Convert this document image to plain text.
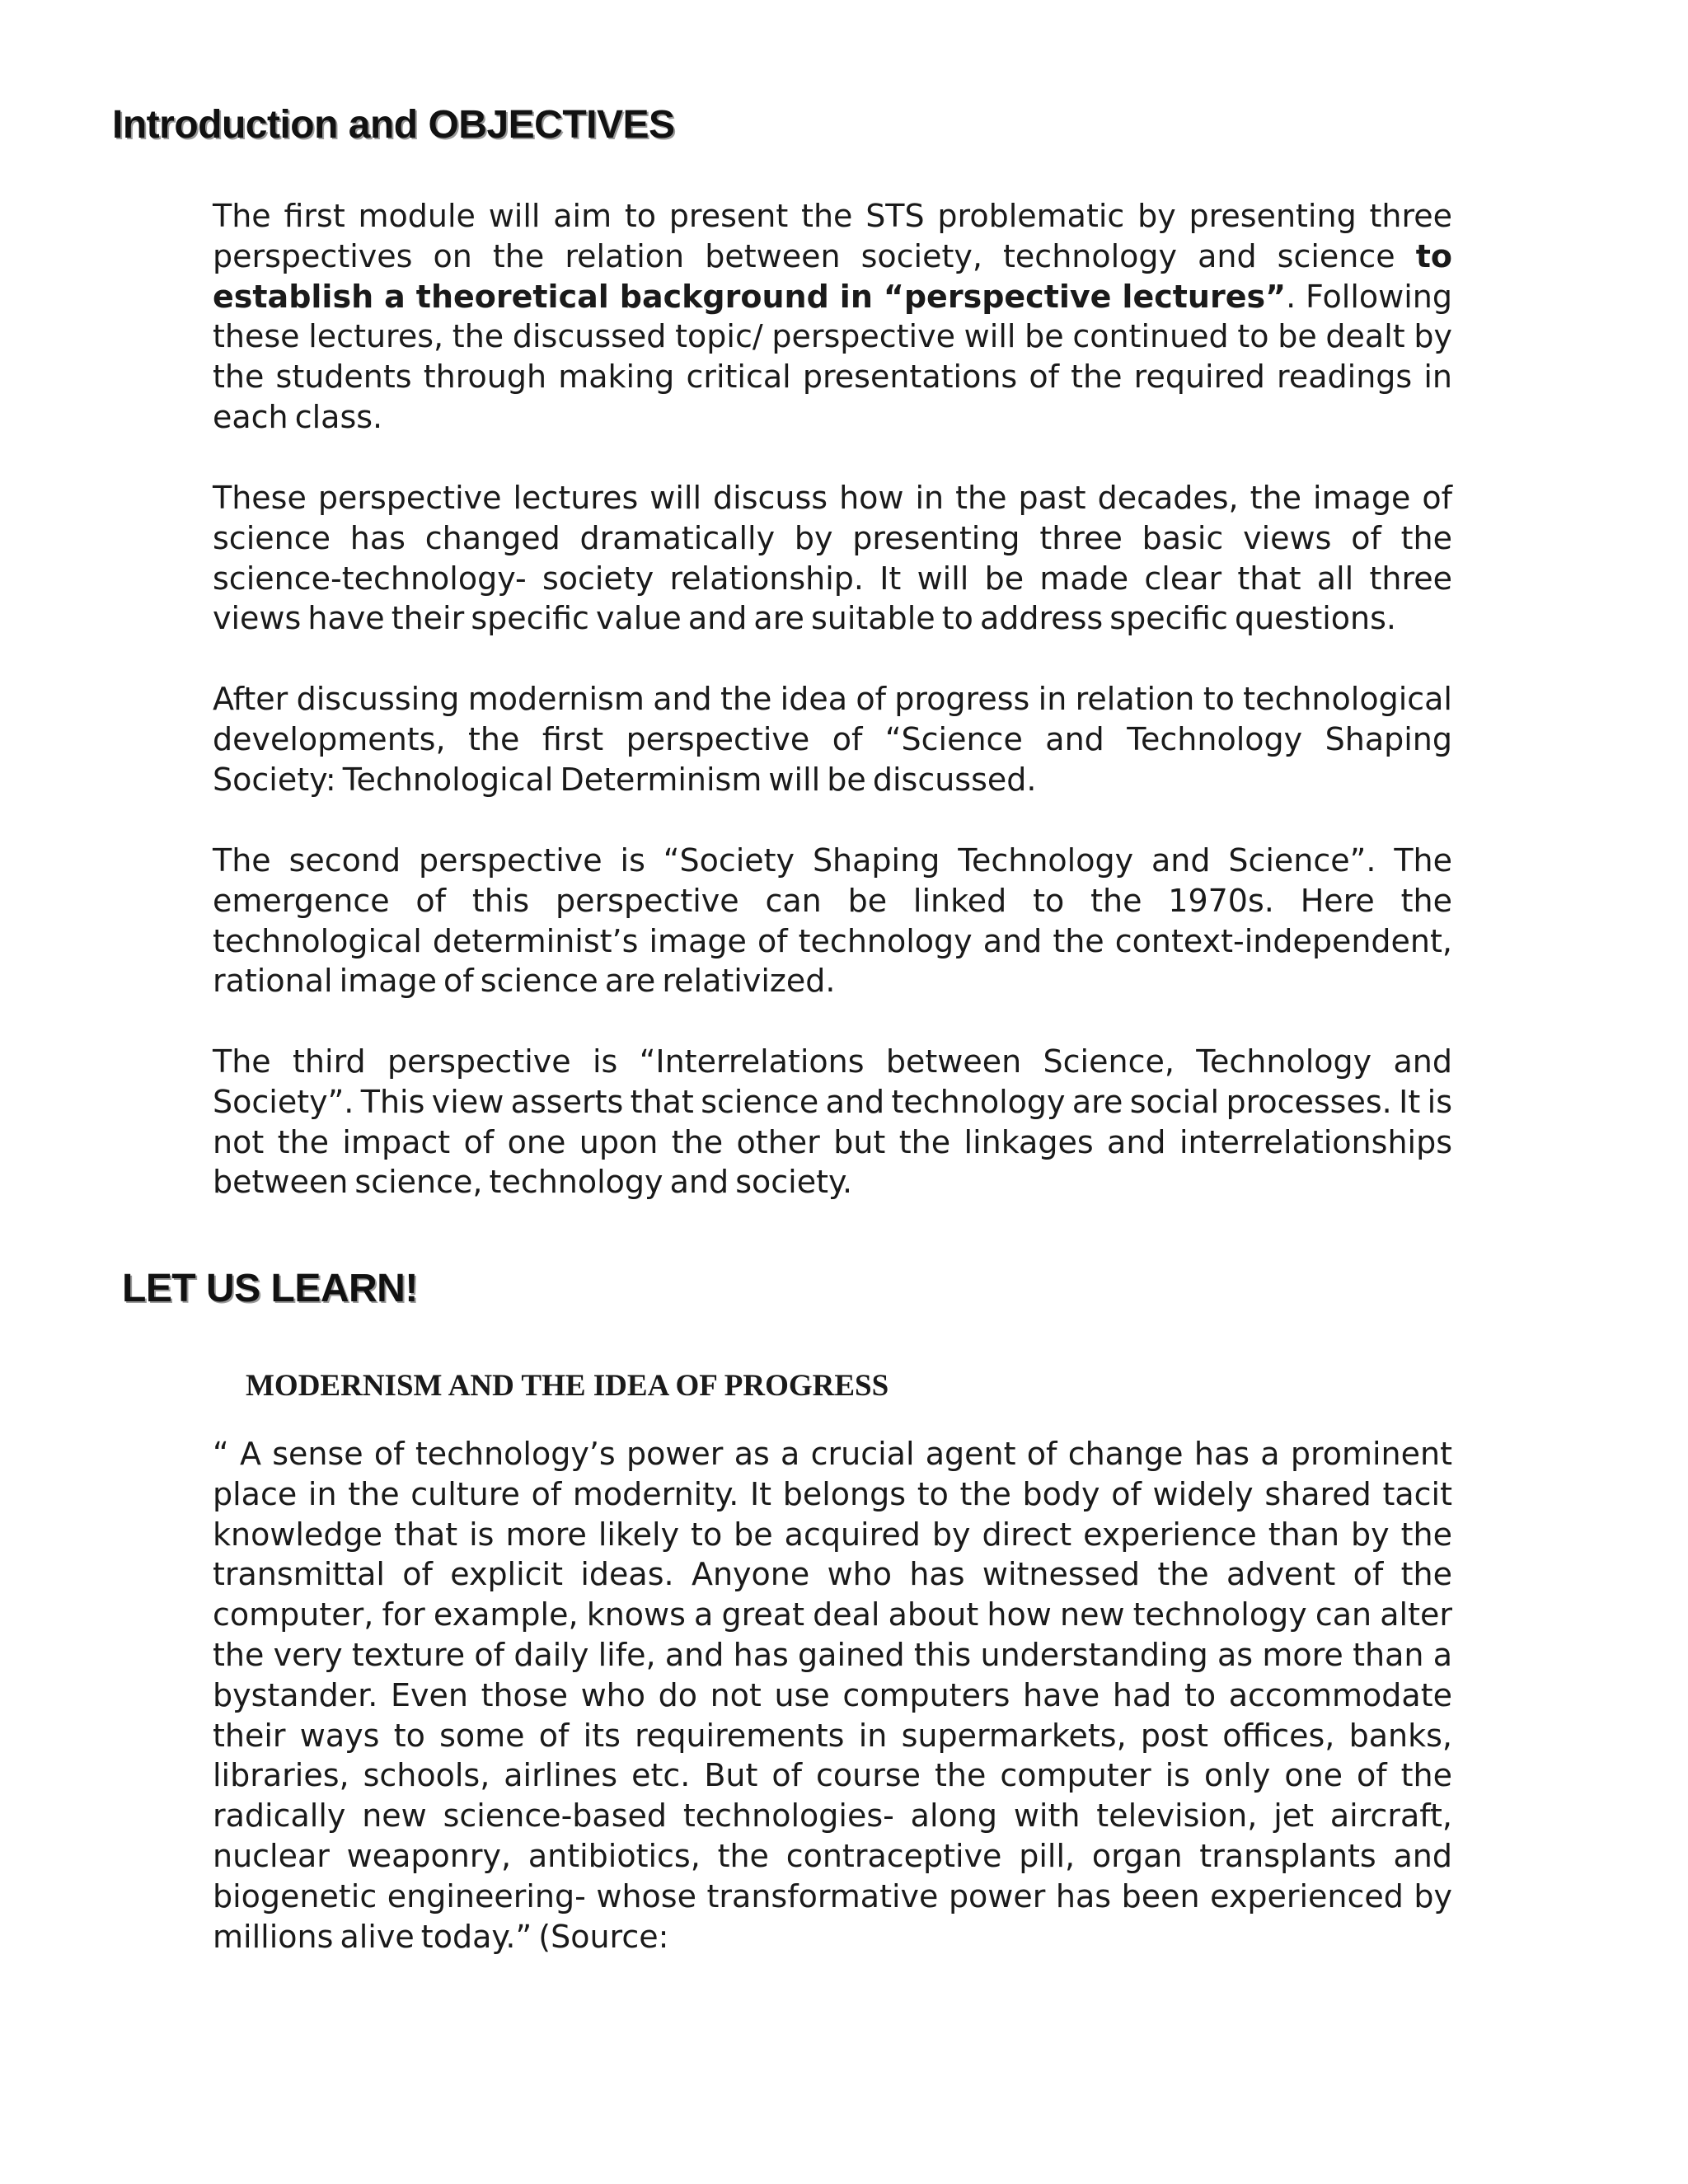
Introduction and OBJECTIVES

The first module will aim to present the STS problematic by presenting three perspectives on the relation between society, technology and science to establish a theoretical background in “perspective lectures”. Following these lectures, the discussed topic/ perspective will be continued to be dealt by the students through making critical presentations of the required readings in each class.

These perspective lectures will discuss how in the past decades, the image of science has changed dramatically by presenting three basic views of the science-technology- society relationship. It will be made clear that all three views have their specific value and are suitable to address specific questions.

After discussing modernism and the idea of progress in relation to technological developments, the first perspective of “Science and Technology Shaping Society: Technological Determinism will be discussed.

The second perspective is “Society Shaping Technology and Science”. The emergence of this perspective can be linked to the 1970s. Here the technological determinist’s image of technology and the context-independent, rational image of science are relativized.

The third perspective is “Interrelations between Science, Technology and Society”. This view asserts that science and technology are social processes. It is not the impact of one upon the other but the linkages and interrelationships between science, technology and society.

LET US LEARN!
MODERNISM AND THE IDEA OF PROGRESS

“ A sense of technology’s power as a crucial agent of change has a prominent place in the culture of modernity. It belongs to the body of widely shared tacit knowledge that is more likely to be acquired by direct experience than by the transmittal of explicit ideas. Anyone who has witnessed the advent of the computer, for example, knows a great deal about how new technology can alter the very texture of daily life, and has gained this understanding as more than a bystander. Even those who do not use computers have had to accommodate their ways to some of its requirements in supermarkets, post offices, banks, libraries, schools, airlines etc. But of course the computer is only one of the radically new science-based technologies- along with television, jet aircraft, nuclear weaponry, antibiotics, the contraceptive pill, organ transplants and biogenetic engineering- whose transformative power has been experienced by millions alive today.” (Source:
